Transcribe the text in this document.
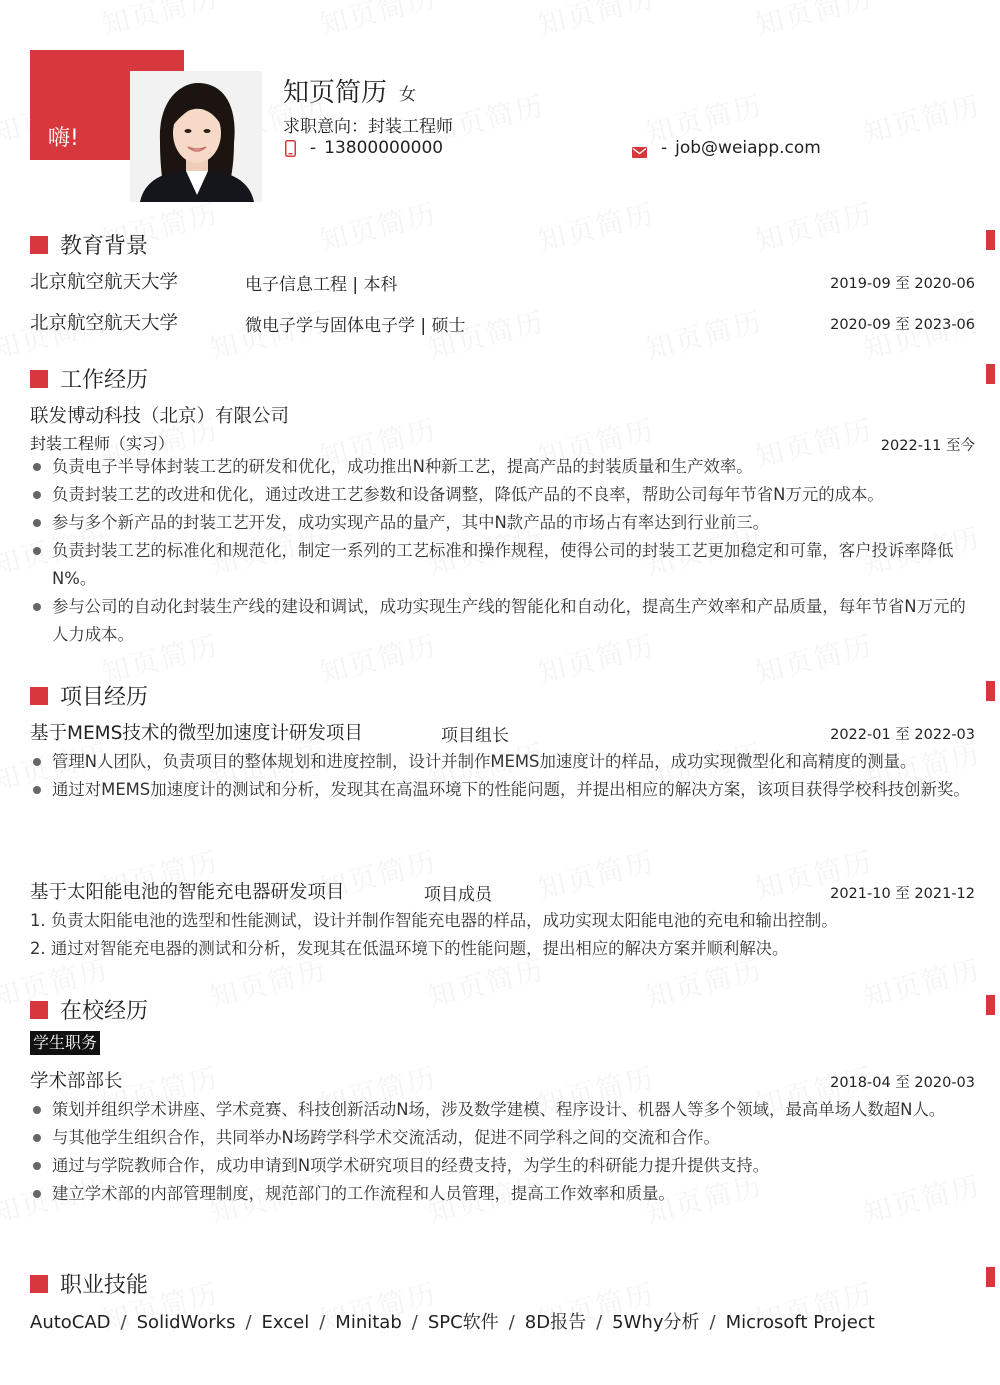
嗨!
知页简历 女
求职意向：封装工程师
- 13800000000	- job@weiapp.com
教育背景
北京航空航天大学	电子信息工程 | 本科	2019-09 至 2020-06
北京航空航天大学	微电子学与固体电子学 | 硕士	2020-09 至 2023-06
工作经历
联发博动科技（北京）有限公司
封装工程师（实习）	2022-11 至今
负责电子半导体封装工艺的研发和优化，成功推出N种新工艺，提高产品的封装质量和生产效率。
负责封装工艺的改进和优化，通过改进工艺参数和设备调整，降低产品的不良率，帮助公司每年节省N万元的成本。
参与多个新产品的封装工艺开发，成功实现产品的量产，其中N款产品的市场占有率达到行业前三。
负责封装工艺的标准化和规范化，制定一系列的工艺标准和操作规程，使得公司的封装工艺更加稳定和可靠，客户投诉率降低N%。
参与公司的自动化封装生产线的建设和调试，成功实现生产线的智能化和自动化，提高生产效率和产品质量，每年节省N万元的人力成本。
项目经历
基于MEMS技术的微型加速度计研发项目	项目组长	2022-01 至 2022-03
管理N人团队，负责项目的整体规划和进度控制，设计并制作MEMS加速度计的样品，成功实现微型化和高精度的测量。
通过对MEMS加速度计的测试和分析，发现其在高温环境下的性能问题，并提出相应的解决方案，该项目获得学校科技创新奖。
基于太阳能电池的智能充电器研发项目	项目成员	2021-10 至 2021-12
1. 负责太阳能电池的选型和性能测试，设计并制作智能充电器的样品，成功实现太阳能电池的充电和输出控制。
2. 通过对智能充电器的测试和分析，发现其在低温环境下的性能问题，提出相应的解决方案并顺利解决。
在校经历
学生职务
学术部部长	2018-04 至 2020-03
策划并组织学术讲座、学术竞赛、科技创新活动N场，涉及数学建模、程序设计、机器人等多个领域，最高单场人数超N人。
与其他学生组织合作，共同举办N场跨学科学术交流活动，促进不同学科之间的交流和合作。
通过与学院教师合作，成功申请到N项学术研究项目的经费支持，为学生的科研能力提升提供支持。
建立学术部的内部管理制度，规范部门的工作流程和人员管理，提高工作效率和质量。
职业技能
AutoCAD / SolidWorks / Excel / Minitab / SPC软件 / 8D报告 / 5Why分析 / Microsoft Project
